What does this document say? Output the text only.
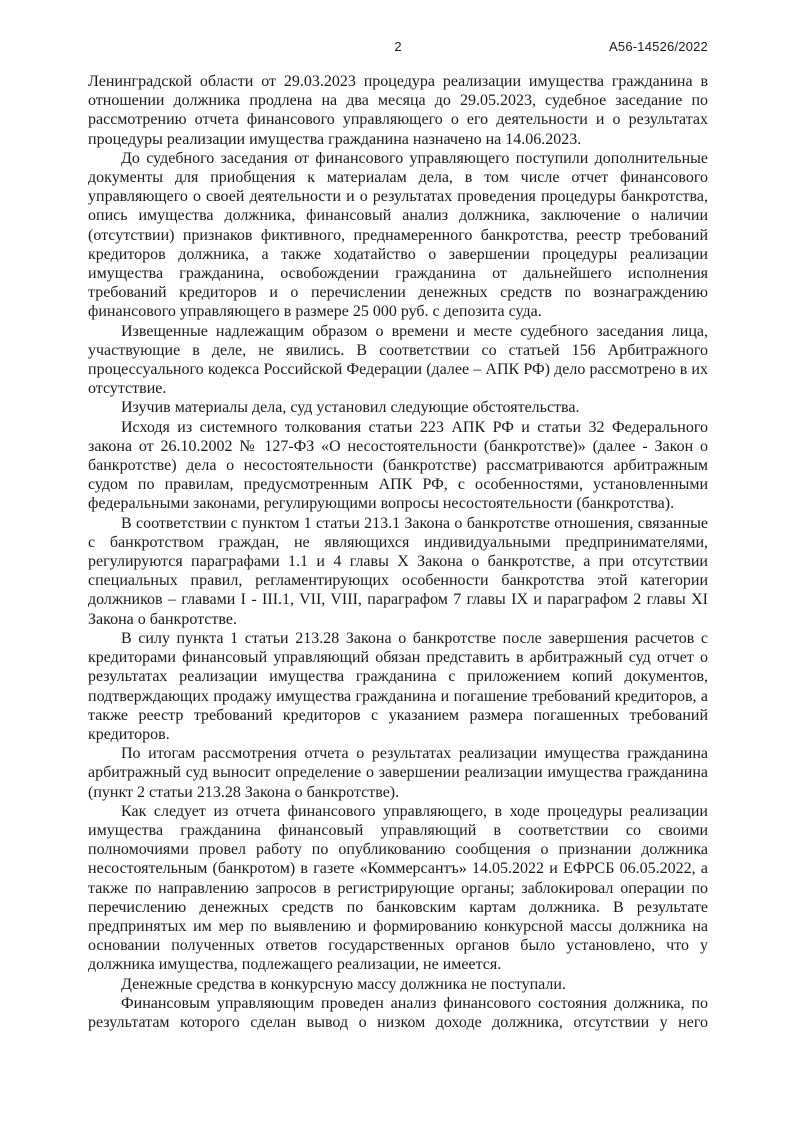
2	А56-14526/2022

Ленинградской области от 29.03.2023 процедура реализации имущества гражданина в отношении должника продлена на два месяца до 29.05.2023, судебное заседание по рассмотрению отчета финансового управляющего о его деятельности и о результатах процедуры реализации имущества гражданина назначено на 14.06.2023.

До судебного заседания от финансового управляющего поступили дополнительные документы для приобщения к материалам дела, в том числе отчет финансового управляющего о своей деятельности и о результатах проведения процедуры банкротства, опись имущества должника, финансовый анализ должника, заключение о наличии (отсутствии) признаков фиктивного, преднамеренного банкротства, реестр требований кредиторов должника, а также ходатайство о завершении процедуры реализации имущества гражданина, освобождении гражданина от дальнейшего исполнения требований кредиторов и о перечислении денежных средств по вознаграждению финансового управляющего в размере 25 000 руб. с депозита суда.

Извещенные надлежащим образом о времени и месте судебного заседания лица, участвующие в деле, не явились. В соответствии со статьей 156 Арбитражного процессуального кодекса Российской Федерации (далее – АПК РФ) дело рассмотрено в их отсутствие.

Изучив материалы дела, суд установил следующие обстоятельства.

Исходя из системного толкования статьи 223 АПК РФ и статьи 32 Федерального закона от 26.10.2002 № 127-ФЗ «О несостоятельности (банкротстве)» (далее - Закон о банкротстве) дела о несостоятельности (банкротстве) рассматриваются арбитражным судом по правилам, предусмотренным АПК РФ, с особенностями, установленными федеральными законами, регулирующими вопросы несостоятельности (банкротства).

В соответствии с пунктом 1 статьи 213.1 Закона о банкротстве отношения, связанные с банкротством граждан, не являющихся индивидуальными предпринимателями, регулируются параграфами 1.1 и 4 главы X Закона о банкротстве, а при отсутствии специальных правил, регламентирующих особенности банкротства этой категории должников – главами I - III.1, VII, VIII, параграфом 7 главы IX и параграфом 2 главы XI Закона о банкротстве.

В силу пункта 1 статьи 213.28 Закона о банкротстве после завершения расчетов с кредиторами финансовый управляющий обязан представить в арбитражный суд отчет о результатах реализации имущества гражданина с приложением копий документов, подтверждающих продажу имущества гражданина и погашение требований кредиторов, а также реестр требований кредиторов с указанием размера погашенных требований кредиторов.

По итогам рассмотрения отчета о результатах реализации имущества гражданина арбитражный суд выносит определение о завершении реализации имущества гражданина (пункт 2 статьи 213.28 Закона о банкротстве).

Как следует из отчета финансового управляющего, в ходе процедуры реализации имущества гражданина финансовый управляющий в соответствии со своими полномочиями провел работу по опубликованию сообщения о признании должника несостоятельным (банкротом) в газете «Коммерсантъ» 14.05.2022 и ЕФРСБ 06.05.2022, а также по направлению запросов в регистрирующие органы; заблокировал операции по перечислению денежных средств по банковским картам должника. В результате предпринятых им мер по выявлению и формированию конкурсной массы должника на основании полученных ответов государственных органов было установлено, что у должника имущества, подлежащего реализации, не имеется.

Денежные средства в конкурсную массу должника не поступали.

Финансовым управляющим проведен анализ финансового состояния должника, по результатам которого сделан вывод о низком доходе должника, отсутствии у него
